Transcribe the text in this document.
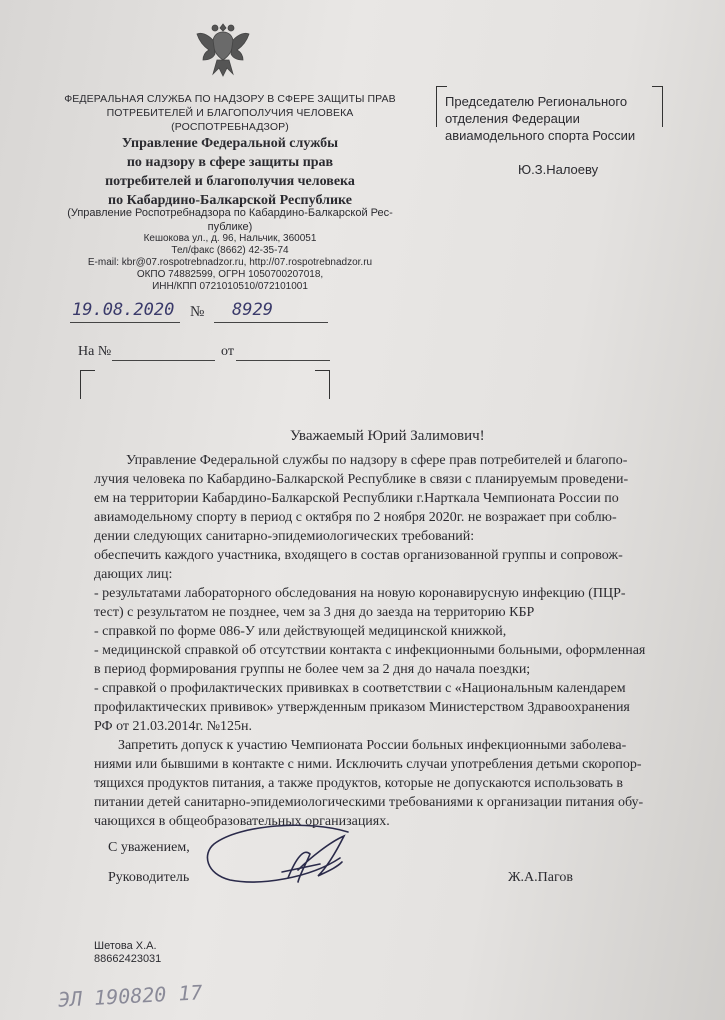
ФЕДЕРАЛЬНАЯ СЛУЖБА ПО НАДЗОРУ В СФЕРЕ ЗАЩИТЫ ПРАВ
ПОТРЕБИТЕЛЕЙ И БЛАГОПОЛУЧИЯ ЧЕЛОВЕКА
(РОСПОТРЕБНАДЗОР)
Управление Федеральной службы
по надзору в сфере защиты прав
потребителей и благополучия человека
по Кабардино-Балкарской Республике
(Управление Роспотребнадзора по Кабардино-Балкарской Рес-
публике)
Кешокова ул., д. 96, Нальчик, 360051
Тел/факс (8662) 42-35-74
E-mail: kbr@07.rospotrebnadzor.ru, http://07.rospotrebnadzor.ru
ОКПО 74882599, ОГРН 1050700207018,
ИНН/КПП 0721010510/072101001
Председателю Регионального
отделения Федерации
авиамодельного спорта России
Ю.З.Налоеву
19.08.2020 № 8929
На №	от
Уважаемый Юрий Залимович!
Управление Федеральной службы по надзору в сфере прав потребителей и благопо-
лучия человека по Кабардино-Балкарской Республике в связи с планируемым проведени-
ем на территории Кабардино-Балкарской Республики г.Нарткала Чемпионата России по
авиамодельному спорту в период с октября по 2 ноября 2020г. не возражает при соблю-
дении следующих санитарно-эпидемиологических требований:
обеспечить каждого участника, входящего в состав организованной группы и сопровож-
дающих лиц:
- результатами лабораторного обследования на новую коронавирусную инфекцию (ПЦР-
тест) с результатом не позднее, чем за 3 дня до заезда на территорию КБР
- справкой по форме 086-У или действующей медицинской книжкой,
- медицинской справкой об отсутствии контакта с инфекционными больными, оформленная
в период формирования группы не более чем за 2 дня до начала поездки;
- справкой о профилактических прививках в соответствии с «Национальным календарем
профилактических прививок» утвержденным приказом Министерством Здравоохранения
РФ от 21.03.2014г. №125н.
Запретить допуск к участию Чемпионата России больных инфекционными заболева-
ниями или бывшими в контакте с ними. Исключить случаи употребления детьми скоропор-
тящихся продуктов питания, а также продуктов, которые не допускаются использовать в
питании детей санитарно-эпидемиологическими требованиями к организации питания обу-
чающихся в общеобразовательных организациях.
С уважением,
Руководитель	Ж.А.Пагов
Шетова Х.А.
88662423031
ЭЛ 190820 17
